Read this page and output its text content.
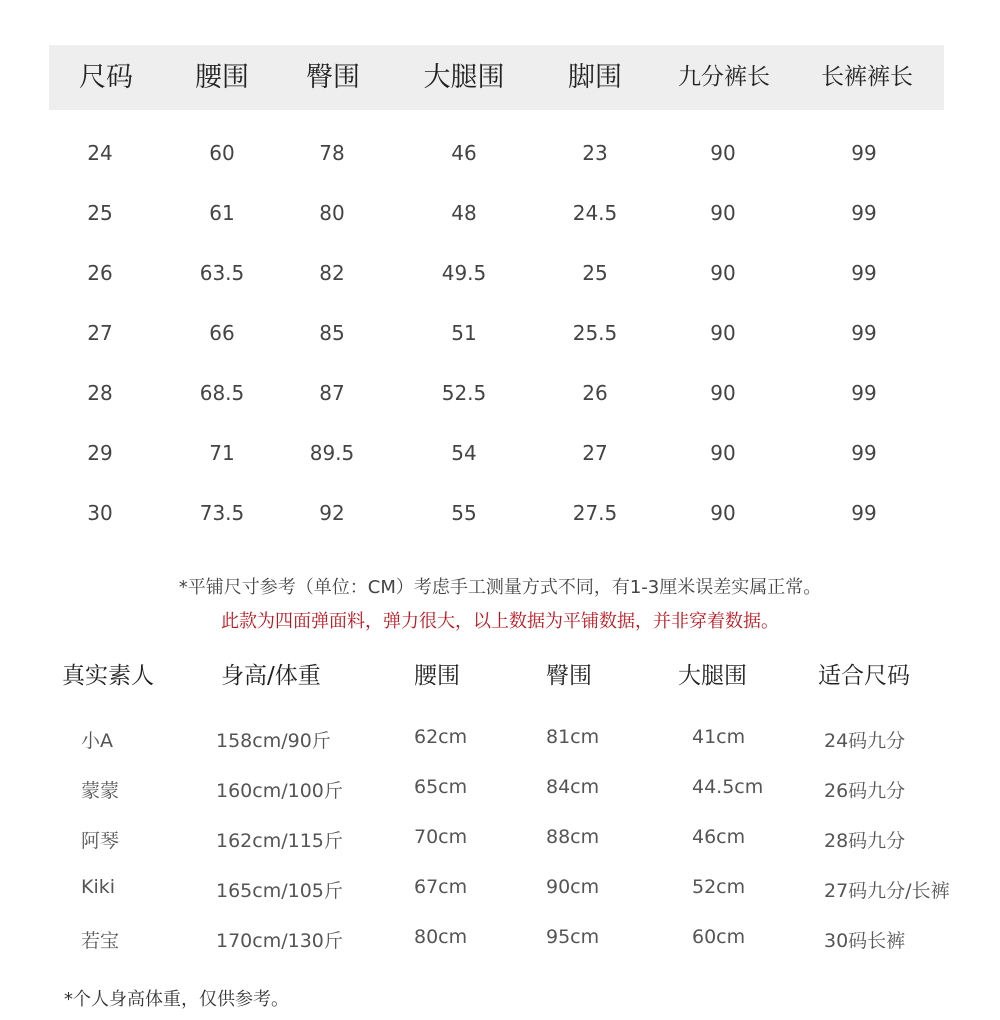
尺码 腰围 臀围 大腿围 脚围 九分裤长 长裤裤长
24	60	78	46	23	90	99
25	61	80	48	24.5	90	99
26	63.5	82	49.5	25	90	99
27	66	85	51	25.5	90	99
28	68.5	87	52.5	26	90	99
29	71	89.5	54	27	90	99
30	73.5	92	55	27.5	90	99
*平铺尺寸参考（单位：CM）考虑手工测量方式不同，有1-3厘米误差实属正常。
此款为四面弹面料，弹力很大，以上数据为平铺数据，并非穿着数据。
真实素人	身高/体重	腰围	臀围	大腿围	适合尺码
小A	158cm/90斤	62cm	81cm	41cm	24码九分
蒙蒙	160cm/100斤	65cm	84cm	44.5cm	26码九分
阿琴	162cm/115斤	70cm	88cm	46cm	28码九分
Kiki	165cm/105斤	67cm	90cm	52cm	27码九分/长裤
若宝	170cm/130斤	80cm	95cm	60cm	30码长裤
*个人身高体重，仅供参考。
